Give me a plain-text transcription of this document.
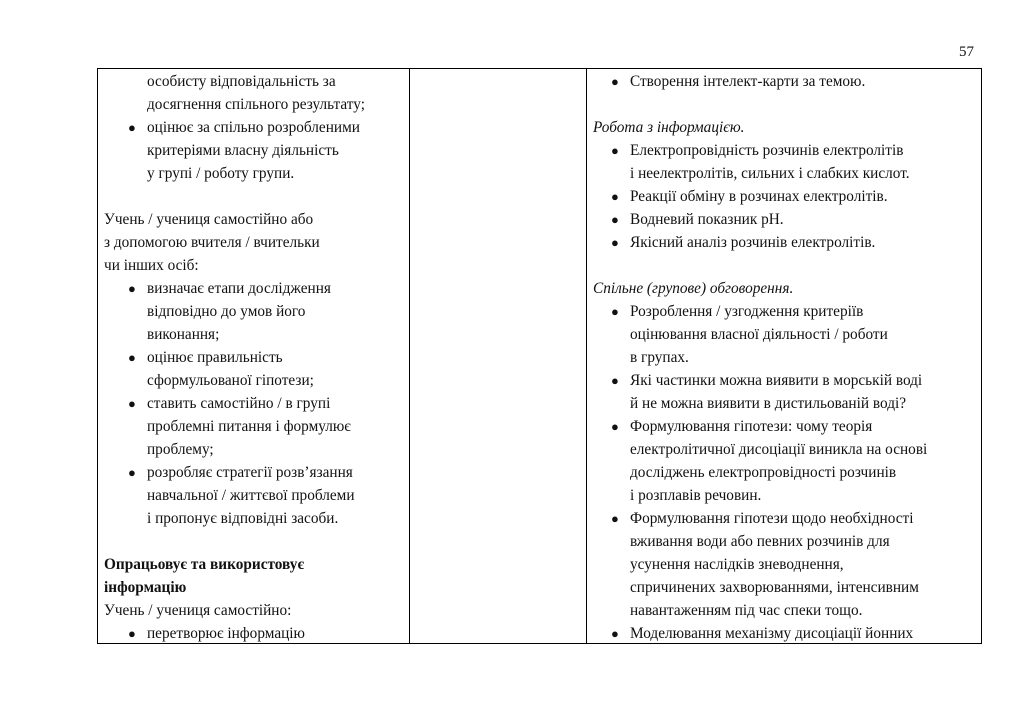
57
особисту відповідальність за
досягнення спільного результату;
● оцінює за спільно розробленими
критеріями власну діяльність
у групі / роботу групи.
Учень / учениця самостійно або
з допомогою вчителя / вчительки
чи інших осіб:
● визначає етапи дослідження
відповідно до умов його
виконання;
● оцінює правильність
сформульованої гіпотези;
● ставить самостійно / в групі
проблемні питання і формулює
проблему;
● розробляє стратегії розв’язання
навчальної / життєвої проблеми
і пропонує відповідні засоби.
Опрацьовує та використовує
інформацію
Учень / учениця самостійно:
● перетворює інформацію
● Створення інтелект-карти за темою.
Робота з інформацією.
● Електропровідність розчинів електролітів
і неелектролітів, сильних і слабких кислот.
● Реакції обміну в розчинах електролітів.
● Водневий показник рН.
● Якісний аналіз розчинів електролітів.
Спільне (групове) обговорення.
● Розроблення / узгодження критеріїв
оцінювання власної діяльності / роботи
в групах.
● Які частинки можна виявити в морській воді
й не можна виявити в дистильованій воді?
● Формулювання гіпотези: чому теорія
електролітичної дисоціації виникла на основі
досліджень електропровідності розчинів
і розплавів речовин.
● Формулювання гіпотези щодо необхідності
вживання води або певних розчинів для
усунення наслідків зневоднення,
спричинених захворюваннями, інтенсивним
навантаженням під час спеки тощо.
● Моделювання механізму дисоціації йонних
